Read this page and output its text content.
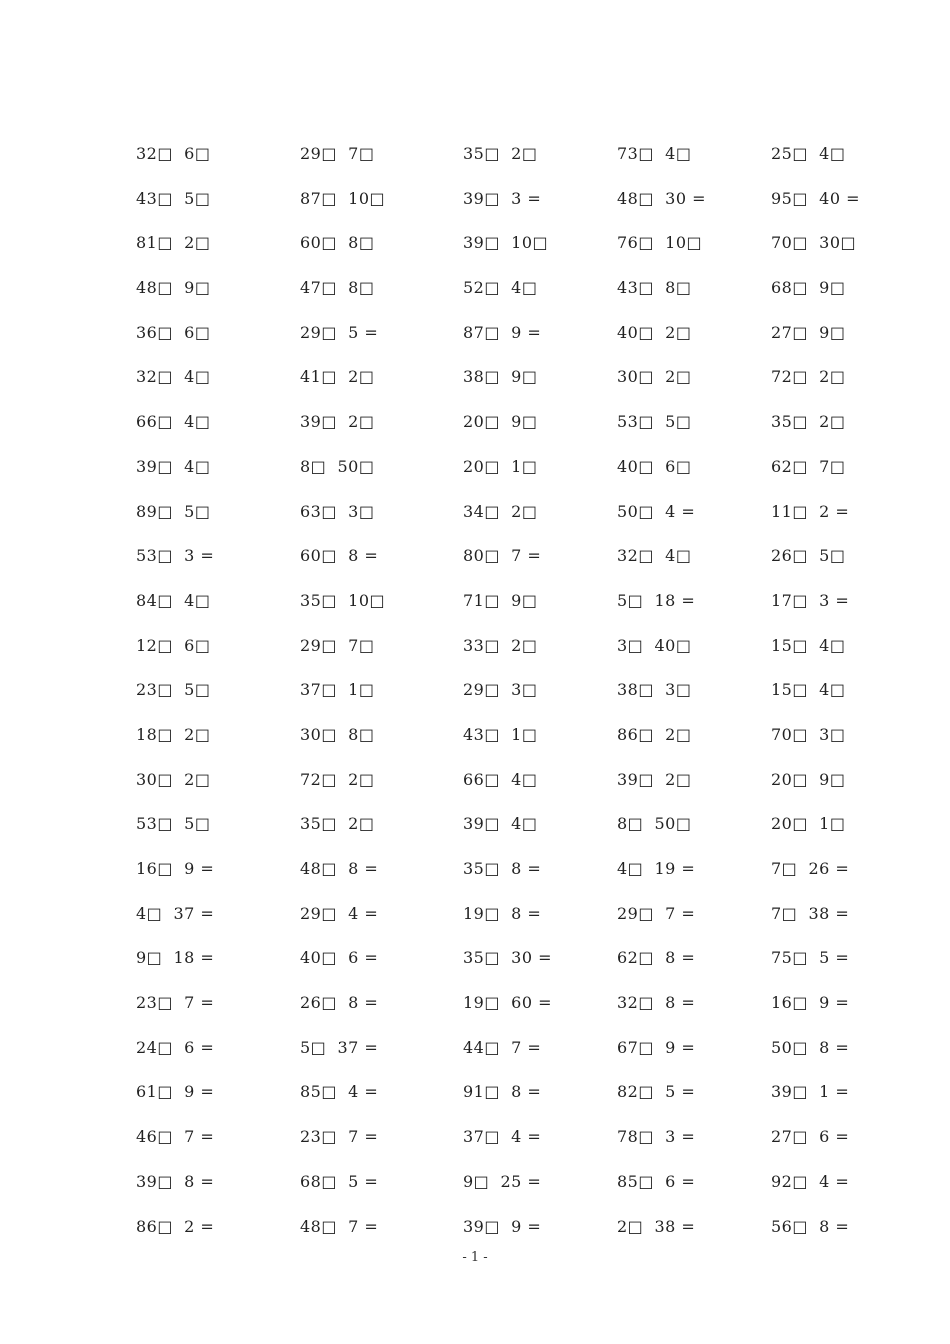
32□  6□	29□  7□	35□  2□	73□  4□	25□  4□
43□  5□	87□  10□	39□  3 =	48□  30 =	95□  40 =
81□  2□	60□  8□	39□  10□	76□  10□	70□  30□
48□  9□	47□  8□	52□  4□	43□  8□	68□  9□
36□  6□	29□  5 =	87□  9 =	40□  2□	27□  9□
32□  4□	41□  2□	38□  9□	30□  2□	72□  2□
66□  4□	39□  2□	20□  9□	53□  5□	35□  2□
39□  4□	8□  50□	20□  1□	40□  6□	62□  7□
89□  5□	63□  3□	34□  2□	50□  4 =	11□  2 =
53□  3 =	60□  8 =	80□  7 =	32□  4□	26□  5□
84□  4□	35□  10□	71□  9□	5□  18 =	17□  3 =
12□  6□	29□  7□	33□  2□	3□  40□	15□  4□
23□  5□	37□  1□	29□  3□	38□  3□	15□  4□
18□  2□	30□  8□	43□  1□	86□  2□	70□  3□
30□  2□	72□  2□	66□  4□	39□  2□	20□  9□
53□  5□	35□  2□	39□  4□	8□  50□	20□  1□
16□  9 =	48□  8 =	35□  8 =	4□  19 =	7□  26 =
4□  37 =	29□  4 =	19□  8 =	29□  7 =	7□  38 =
9□  18 =	40□  6 =	35□  30 =	62□  8 =	75□  5 =
23□  7 =	26□  8 =	19□  60 =	32□  8 =	16□  9 =
24□  6 =	5□  37 =	44□  7 =	67□  9 =	50□  8 =
61□  9 =	85□  4 =	91□  8 =	82□  5 =	39□  1 =
46□  7 =	23□  7 =	37□  4 =	78□  3 =	27□  6 =
39□  8 =	68□  5 =	9□  25 =	85□  6 =	92□  4 =
86□  2 =	48□  7 =	39□  9 =	2□  38 =	56□  8 =
- 1 -
